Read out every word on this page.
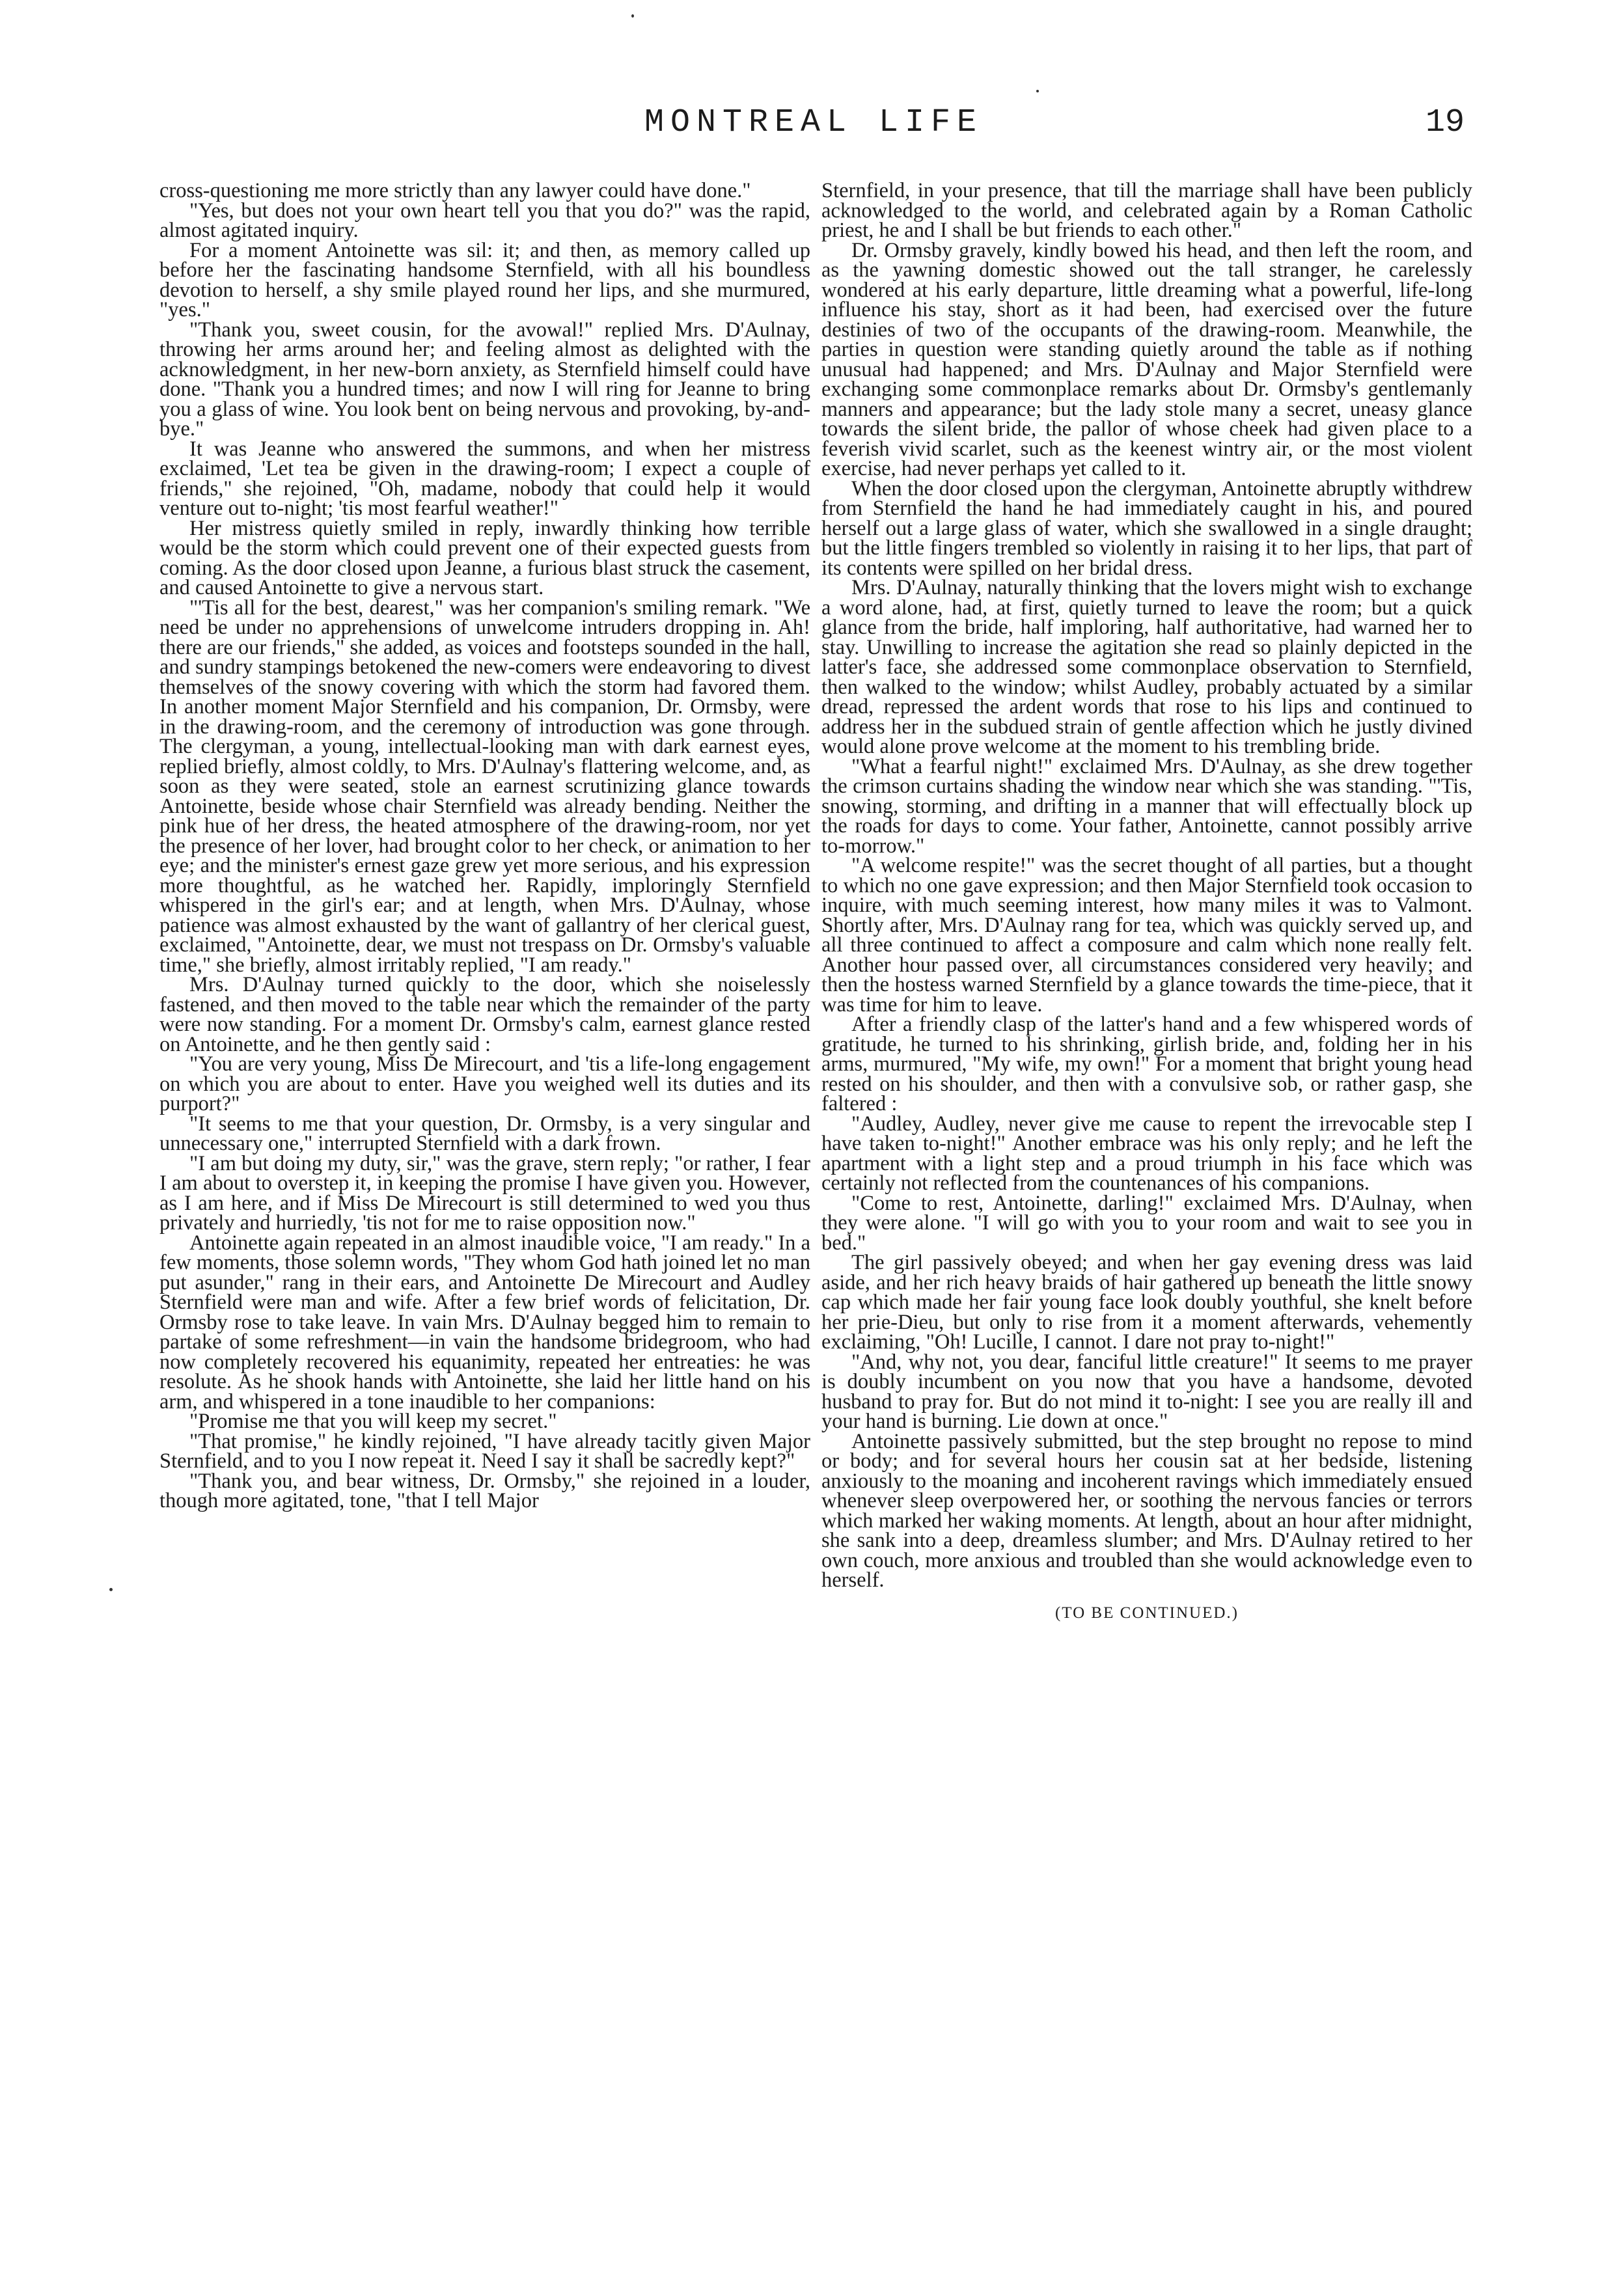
MONTREAL LIFE	19

cross-questioning me more strictly than any lawyer could have done."

"Yes, but does not your own heart tell you that you do?" was the rapid, almost agitated inquiry.

For a moment Antoinette was sil: it; and then, as memory called up before her the fascinating handsome Sternfield, with all his boundless devotion to herself, a shy smile played round her lips, and she murmured, "yes."

"Thank you, sweet cousin, for the avowal!" replied Mrs. D'Aulnay, throwing her arms around her; and feeling almost as delighted with the acknowledgment, in her new-born anxiety, as Sternfield himself could have done. "Thank you a hundred times; and now I will ring for Jeanne to bring you a glass of wine. You look bent on being nervous and provoking, by-and-bye."

It was Jeanne who answered the summons, and when her mistress exclaimed, 'Let tea be given in the drawing-room; I expect a couple of friends," she rejoined, "Oh, madame, nobody that could help it would venture out to-night; 'tis most fearful weather!"

Her mistress quietly smiled in reply, inwardly thinking how terrible would be the storm which could prevent one of their expected guests from coming. As the door closed upon Jeanne, a furious blast struck the casement, and caused Antoinette to give a nervous start.

"'Tis all for the best, dearest," was her companion's smiling remark. "We need be under no apprehensions of unwelcome intruders dropping in. Ah! there are our friends," she added, as voices and footsteps sounded in the hall, and sundry stampings betokened the new-comers were endeavoring to divest themselves of the snowy covering with which the storm had favored them. In another moment Major Sternfield and his companion, Dr. Ormsby, were in the drawing-room, and the ceremony of introduction was gone through. The clergyman, a young, intellectual-looking man with dark earnest eyes, replied briefly, almost coldly, to Mrs. D'Aulnay's flattering welcome, and, as soon as they were seated, stole an earnest scrutinizing glance towards Antoinette, beside whose chair Sternfield was already bending. Neither the pink hue of her dress, the heated atmosphere of the drawing-room, nor yet the presence of her lover, had brought color to her check, or animation to her eye; and the minister's ernest gaze grew yet more serious, and his expression more thoughtful, as he watched her. Rapidly, imploringly Sternfield whispered in the girl's ear; and at length, when Mrs. D'Aulnay, whose patience was almost exhausted by the want of gallantry of her clerical guest, exclaimed, "Antoinette, dear, we must not trespass on Dr. Ormsby's valuable time," she briefly, almost irritably replied, "I am ready."

Mrs. D'Aulnay turned quickly to the door, which she noiselessly fastened, and then moved to the table near which the remainder of the party were now standing. For a moment Dr. Ormsby's calm, earnest glance rested on Antoinette, and he then gently said :

"You are very young, Miss De Mirecourt, and 'tis a life-long engagement on which you are about to enter. Have you weighed well its duties and its purport?"

"It seems to me that your question, Dr. Ormsby, is a very singular and unnecessary one," interrupted Sternfield with a dark frown.

"I am but doing my duty, sir," was the grave, stern reply; "or rather, I fear I am about to overstep it, in keeping the promise I have given you. However, as I am here, and if Miss De Mirecourt is still determined to wed you thus privately and hurriedly, 'tis not for me to raise opposition now."

Antoinette again repeated in an almost inaudible voice, "I am ready." In a few moments, those solemn words, "They whom God hath joined let no man put asunder," rang in their ears, and Antoinette De Mirecourt and Audley Sternfield were man and wife. After a few brief words of felicitation, Dr. Ormsby rose to take leave. In vain Mrs. D'Aulnay begged him to remain to partake of some refreshment—in vain the handsome bridegroom, who had now completely recovered his equanimity, repeated her entreaties: he was resolute. As he shook hands with Antoinette, she laid her little hand on his arm, and whispered in a tone inaudible to her companions:

"Promise me that you will keep my secret."

"That promise," he kindly rejoined, "I have already tacitly given Major Sternfield, and to you I now repeat it. Need I say it shall be sacredly kept?"

"Thank you, and bear witness, Dr. Ormsby," she rejoined in a louder, though more agitated, tone, "that I tell Major

Sternfield, in your presence, that till the marriage shall have been publicly acknowledged to the world, and celebrated again by a Roman Catholic priest, he and I shall be but friends to each other."

Dr. Ormsby gravely, kindly bowed his head, and then left the room, and as the yawning domestic showed out the tall stranger, he carelessly wondered at his early departure, little dreaming what a powerful, life-long influence his stay, short as it had been, had exercised over the future destinies of two of the occupants of the drawing-room. Meanwhile, the parties in question were standing quietly around the table as if nothing unusual had happened; and Mrs. D'Aulnay and Major Sternfield were exchanging some commonplace remarks about Dr. Ormsby's gentlemanly manners and appearance; but the lady stole many a secret, uneasy glance towards the silent bride, the pallor of whose cheek had given place to a feverish vivid scarlet, such as the keenest wintry air, or the most violent exercise, had never perhaps yet called to it.

When the door closed upon the clergyman, Antoinette abruptly withdrew from Sternfield the hand he had immediately caught in his, and poured herself out a large glass of water, which she swallowed in a single draught; but the little fingers trembled so violently in raising it to her lips, that part of its contents were spilled on her bridal dress.

Mrs. D'Aulnay, naturally thinking that the lovers might wish to exchange a word alone, had, at first, quietly turned to leave the room; but a quick glance from the bride, half imploring, half authoritative, had warned her to stay. Unwilling to increase the agitation she read so plainly depicted in the latter's face, she addressed some commonplace observation to Sternfield, then walked to the window; whilst Audley, probably actuated by a similar dread, repressed the ardent words that rose to his lips and continued to address her in the subdued strain of gentle affection which he justly divined would alone prove welcome at the moment to his trembling bride.

"What a fearful night!" exclaimed Mrs. D'Aulnay, as she drew together the crimson curtains shading the window near which she was standing. "'Tis, snowing, storming, and drifting in a manner that will effectually block up the roads for days to come. Your father, Antoinette, cannot possibly arrive to-morrow."

"A welcome respite!" was the secret thought of all parties, but a thought to which no one gave expression; and then Major Sternfield took occasion to inquire, with much seeming interest, how many miles it was to Valmont. Shortly after, Mrs. D'Aulnay rang for tea, which was quickly served up, and all three continued to affect a composure and calm which none really felt. Another hour passed over, all circumstances considered very heavily; and then the hostess warned Sternfield by a glance towards the time-piece, that it was time for him to leave.

After a friendly clasp of the latter's hand and a few whispered words of gratitude, he turned to his shrinking, girlish bride, and, folding her in his arms, murmured, "My wife, my own!" For a moment that bright young head rested on his shoulder, and then with a convulsive sob, or rather gasp, she faltered :

"Audley, Audley, never give me cause to repent the irrevocable step I have taken to-night!" Another embrace was his only reply; and he left the apartment with a light step and a proud triumph in his face which was certainly not reflected from the countenances of his companions.

"Come to rest, Antoinette, darling!" exclaimed Mrs. D'Aulnay, when they were alone. "I will go with you to your room and wait to see you in bed."

The girl passively obeyed; and when her gay evening dress was laid aside, and her rich heavy braids of hair gathered up beneath the little snowy cap which made her fair young face look doubly youthful, she knelt before her prie-Dieu, but only to rise from it a moment afterwards, vehemently exclaiming, "Oh! Lucille, I cannot. I dare not pray to-night!"

"And, why not, you dear, fanciful little creature!" It seems to me prayer is doubly incumbent on you now that you have a handsome, devoted husband to pray for. But do not mind it to-night: I see you are really ill and your hand is burning. Lie down at once."

Antoinette passively submitted, but the step brought no repose to mind or body; and for several hours her cousin sat at her bedside, listening anxiously to the moaning and incoherent ravings which immediately ensued whenever sleep overpowered her, or soothing the nervous fancies or terrors which marked her waking moments. At length, about an hour after midnight, she sank into a deep, dreamless slumber; and Mrs. D'Aulnay retired to her own couch, more anxious and troubled than she would acknowledge even to herself.

(TO BE CONTINUED.)
